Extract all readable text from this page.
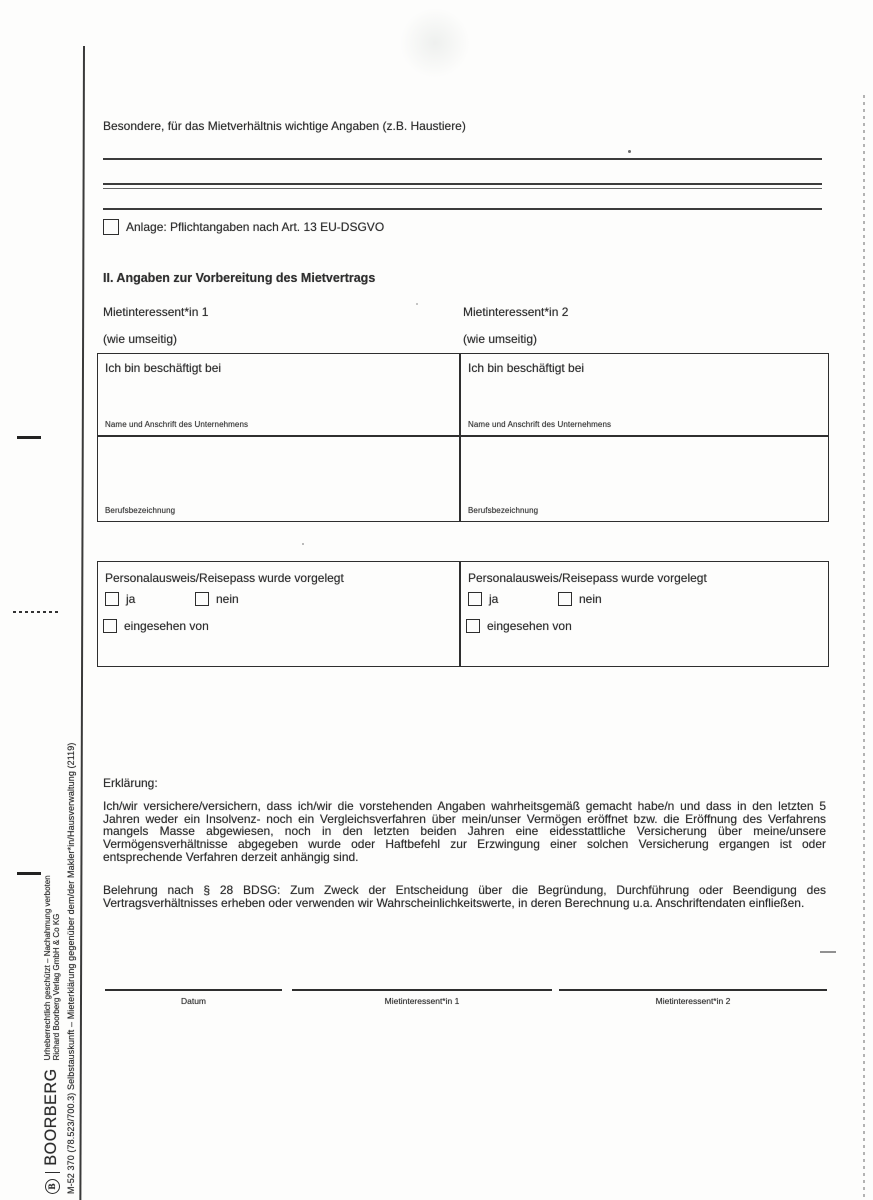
B
BOORBERG
Urheberrechtlich geschützt – Nachahmung verboten Richard Boorberg Verlag GmbH & Co KG M-52 370 (78.523/700.3) Selbstauskunft – Mieterklärung gegenüber dem/der Makler*in/Hausverwaltung (2119)
Besondere, für das Mietverhältnis wichtige Angaben (z.B. Haustiere)
Anlage: Pflichtangaben nach Art. 13 EU-DSGVO
II. Angaben zur Vorbereitung des Mietvertrags
Mietinteressent*in 1	Mietinteressent*in 2
(wie umseitig)	(wie umseitig)
Ich bin beschäftigt bei
Name und Anschrift des Unternehmens
Berufsbezeichnung
Ich bin beschäftigt bei
Name und Anschrift des Unternehmens
Berufsbezeichnung
Personalausweis/Reisepass wurde vorgelegt
ja	nein
eingesehen von
Personalausweis/Reisepass wurde vorgelegt
ja	nein
eingesehen von
Erklärung:
Ich/wir versichere/versichern, dass ich/wir die vorstehenden Angaben wahrheitsgemäß gemacht habe/n und dass in den letzten 5 Jahren weder ein Insolvenz- noch ein Vergleichsverfahren über mein/unser Vermögen eröffnet bzw. die Eröffnung des Verfahrens mangels Masse abgewiesen, noch in den letzten beiden Jahren eine eidesstattliche Versicherung über meine/unsere Vermögensverhältnisse abgegeben wurde oder Haftbefehl zur Erzwingung einer solchen Versicherung ergangen ist oder entsprechende Verfahren derzeit anhängig sind.
Belehrung nach § 28 BDSG: Zum Zweck der Entscheidung über die Begründung, Durchführung oder Beendigung des Vertragsverhältnisses erheben oder verwenden wir Wahrscheinlichkeitswerte, in deren Berechnung u.a. Anschriftendaten einfließen.
Datum	Mietinteressent*in 1	Mietinteressent*in 2
